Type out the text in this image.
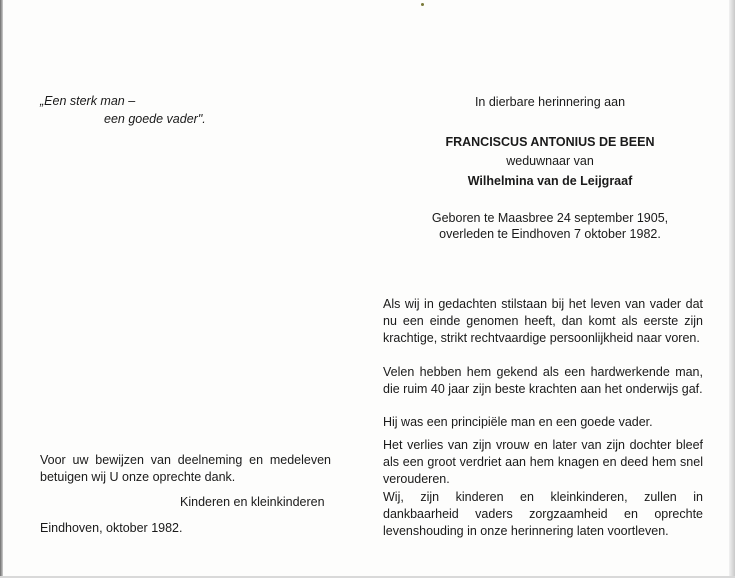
„Een sterk man –
een goede vader".
Voor uw bewijzen van deelneming en medeleven betuigen wij U onze oprechte dank.
Kinderen en kleinkinderen
Eindhoven, oktober 1982.
In dierbare herinnering aan
FRANCISCUS ANTONIUS DE BEEN
weduwnaar van
Wilhelmina van de Leijgraaf
Geboren te Maasbree 24 september 1905,
overleden te Eindhoven 7 oktober 1982.
Als wij in gedachten stilstaan bij het leven van vader dat nu een einde genomen heeft, dan komt als eerste zijn krachtige, strikt rechtvaardige persoonlijkheid naar voren.
Velen hebben hem gekend als een hardwerkende man, die ruim 40 jaar zijn beste krachten aan het onderwijs gaf.
Hij was een principiële man en een goede vader.
Het verlies van zijn vrouw en later van zijn dochter bleef als een groot verdriet aan hem knagen en deed hem snel verouderen.
Wij, zijn kinderen en kleinkinderen, zullen in dankbaarheid vaders zorgzaamheid en oprechte levenshouding in onze herinnering laten voortleven.
